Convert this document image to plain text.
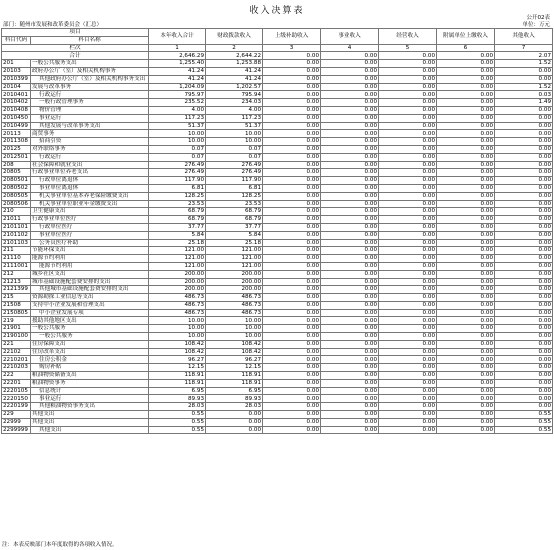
收入决算表
公开02表
单位：万元
部门：随州市发展和改革委员会（汇总）
项目		本年收入合计	财政拨款收入	上级补助收入	事业收入	经营收入	附属单位上缴收入	其他收入
科目代码	科目名称							
栏次		1	2	3	4	5	6	7
合计		2,646.29	2,644.22	0.00	0.00	0.00	0.00	2.07
201	一般公共服务支出	1,255.40	1,253.88	0.00	0.00	0.00	0.00	1.52
20103	政府办公厅（室）及相关机构事务	41.24	41.24	0.00	0.00	0.00	0.00	0.00
2010399	其他政府办公厅（室）及相关机构事务支出	41.24	41.24	0.00	0.00	0.00	0.00	0.00
20104	发展与改革事务	1,204.09	1,202.57	0.00	0.00	0.00	0.00	1.52
2010401	行政运行	795.97	795.94	0.00	0.00	0.00	0.00	0.03
2010402	一般行政管理事务	235.52	234.03	0.00	0.00	0.00	0.00	1.49
2010408	物价管理	4.00	4.00	0.00	0.00	0.00	0.00	0.00
2010450	事业运行	117.23	117.23	0.00	0.00	0.00	0.00	0.00
2010499	其他发展与改革事务支出	51.37	51.37	0.00	0.00	0.00	0.00	0.00
20113	商贸事务	10.00	10.00	0.00	0.00	0.00	0.00	0.00
2011308	招商引资	10.00	10.00	0.00	0.00	0.00	0.00	0.00
20125	对外联络事务	0.07	0.07	0.00	0.00	0.00	0.00	0.00
2012501	行政运行	0.07	0.07	0.00	0.00	0.00	0.00	0.00
208	社会保障和就业支出	276.49	276.49	0.00	0.00	0.00	0.00	0.00
20805	行政事业单位养老支出	276.49	276.49	0.00	0.00	0.00	0.00	0.00
2080501	行政单位离退休	117.90	117.90	0.00	0.00	0.00	0.00	0.00
2080502	事业单位离退休	6.81	6.81	0.00	0.00	0.00	0.00	0.00
2080505	机关事业单位基本养老保险缴费支出	128.25	128.25	0.00	0.00	0.00	0.00	0.00
2080506	机关事业单位职业年金缴费支出	23.53	23.53	0.00	0.00	0.00	0.00	0.00
210	卫生健康支出	68.79	68.79	0.00	0.00	0.00	0.00	0.00
21011	行政事业单位医疗	68.79	68.79	0.00	0.00	0.00	0.00	0.00
2101101	行政单位医疗	37.77	37.77	0.00	0.00	0.00	0.00	0.00
2101102	事业单位医疗	5.84	5.84	0.00	0.00	0.00	0.00	0.00
2101103	公务员医疗补助	25.18	25.18	0.00	0.00	0.00	0.00	0.00
211	节能环保支出	121.00	121.00	0.00	0.00	0.00	0.00	0.00
21110	能源节约利用	121.00	121.00	0.00	0.00	0.00	0.00	0.00
2111001	能源节约利用	121.00	121.00	0.00	0.00	0.00	0.00	0.00
212	城乡社区支出	200.00	200.00	0.00	0.00	0.00	0.00	0.00
21213	城市基础设施配套费安排的支出	200.00	200.00	0.00	0.00	0.00	0.00	0.00
2121399	其他城市基础设施配套费安排的支出	200.00	200.00	0.00	0.00	0.00	0.00	0.00
215	资源勘探工业信息等支出	486.73	486.73	0.00	0.00	0.00	0.00	0.00
21508	支持中小企业发展和管理支出	486.73	486.73	0.00	0.00	0.00	0.00	0.00
2150805	中小企业发展专项	486.73	486.73	0.00	0.00	0.00	0.00	0.00
219	援助其他地区支出	10.00	10.00	0.00	0.00	0.00	0.00	0.00
21901	一般公共服务	10.00	10.00	0.00	0.00	0.00	0.00	0.00
2190100	一般公共服务	10.00	10.00	0.00	0.00	0.00	0.00	0.00
221	住房保障支出	108.42	108.42	0.00	0.00	0.00	0.00	0.00
22102	住房改革支出	108.42	108.42	0.00	0.00	0.00	0.00	0.00
2210201	住房公积金	96.27	96.27	0.00	0.00	0.00	0.00	0.00
2210203	购房补贴	12.15	12.15	0.00	0.00	0.00	0.00	0.00
222	粮油物资储备支出	118.91	118.91	0.00	0.00	0.00	0.00	0.00
22201	粮油物资事务	118.91	118.91	0.00	0.00	0.00	0.00	0.00
2220105	信息统计	6.95	6.95	0.00	0.00	0.00	0.00	0.00
2220150	事业运行	89.93	89.93	0.00	0.00	0.00	0.00	0.00
2220199	其他粮油物资事务支出	28.03	28.03	0.00	0.00	0.00	0.00	0.00
229	其他支出	0.55	0.00	0.00	0.00	0.00	0.00	0.55
22999	其他支出	0.55	0.00	0.00	0.00	0.00	0.00	0.55
2299999	其他支出	0.55	0.00	0.00	0.00	0.00	0.00	0.55
注：本表反映部门本年度取得的各项收入情况。
